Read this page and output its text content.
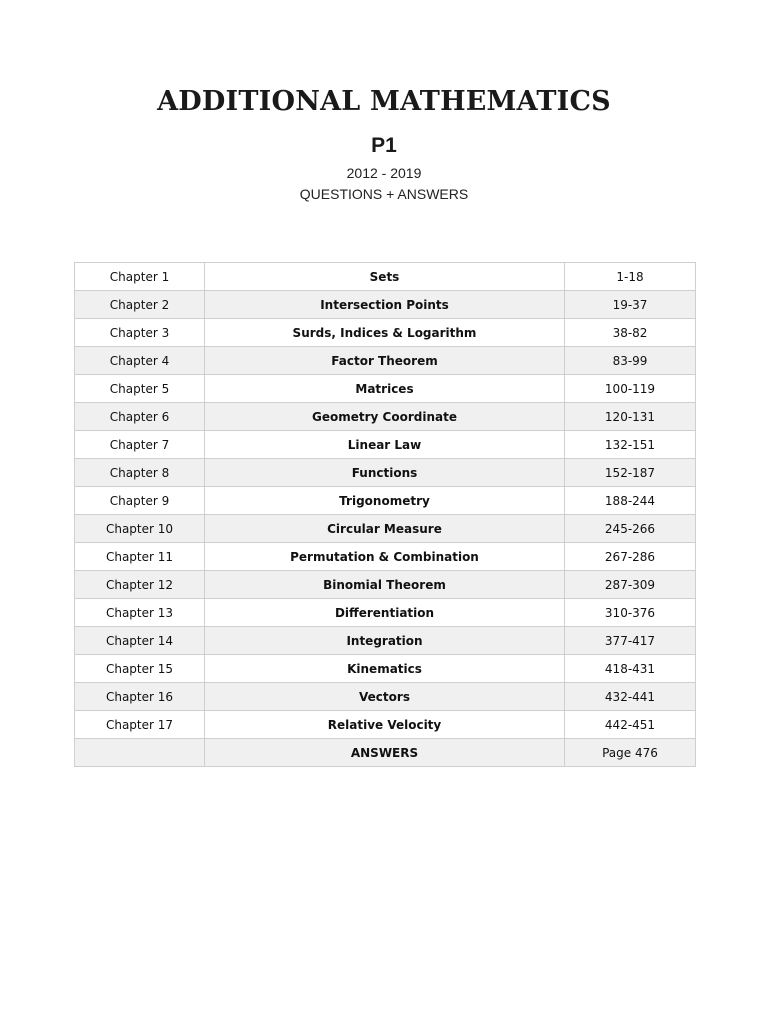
ADDITIONAL MATHEMATICS
P1
2012 - 2019
QUESTIONS + ANSWERS
Chapter 1	Sets	1-18
Chapter 2	Intersection Points	19-37
Chapter 3	Surds, Indices & Logarithm	38-82
Chapter 4	Factor Theorem	83-99
Chapter 5	Matrices	100-119
Chapter 6	Geometry Coordinate	120-131
Chapter 7	Linear Law	132-151
Chapter 8	Functions	152-187
Chapter 9	Trigonometry	188-244
Chapter 10	Circular Measure	245-266
Chapter 11	Permutation & Combination	267-286
Chapter 12	Binomial Theorem	287-309
Chapter 13	Differentiation	310-376
Chapter 14	Integration	377-417
Chapter 15	Kinematics	418-431
Chapter 16	Vectors	432-441
Chapter 17	Relative Velocity	442-451
	ANSWERS	Page 476
